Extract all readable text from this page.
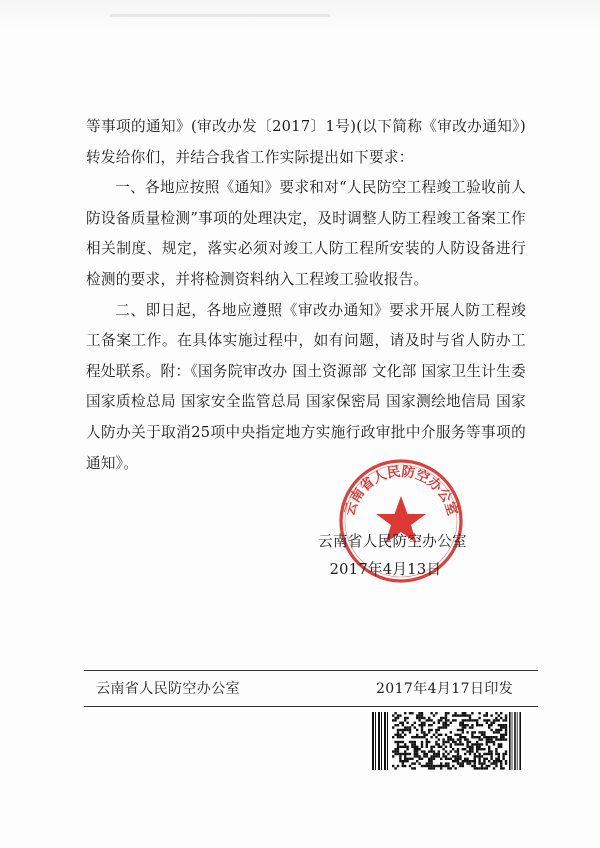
等事项的通知》(审改办发〔2017〕1号)(以下简称《审改办通知》)转发给你们，并结合我省工作实际提出如下要求：

一、各地应按照《通知》要求和对“人民防空工程竣工验收前人防设备质量检测”事项的处理决定，及时调整人防工程竣工备案工作相关制度、规定，落实必须对竣工人防工程所安装的人防设备进行检测的要求，并将检测资料纳入工程竣工验收报告。

二、即日起，各地应遵照《审改办通知》要求开展人防工程竣工备案工作。在具体实施过程中，如有问题，请及时与省人防办工程处联系。附：《国务院审改办 国土资源部 文化部 国家卫生计生委 国家质检总局 国家安全监管总局 国家保密局 国家测绘地信局 国家人防办关于取消25项中央指定地方实施行政审批中介服务等事项的通知》。

云南省人民防空办公室
云南省人民防空办公室
2017年4月13日
云南省人民防空办公室	2017年4月17日印发
